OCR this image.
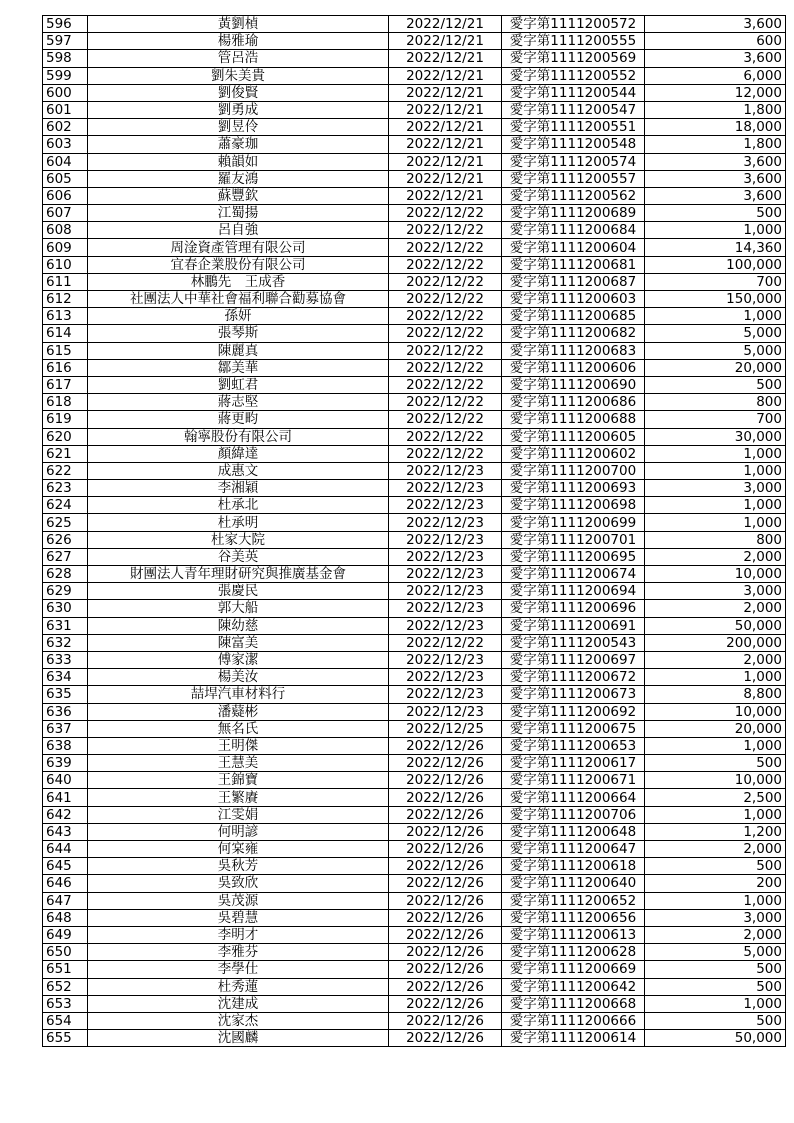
596	黃劉楨	2022/12/21	愛字第1111200572	3,600
597	楊雅瑜	2022/12/21	愛字第1111200555	600
598	管呂浩	2022/12/21	愛字第1111200569	3,600
599	劉朱美貴	2022/12/21	愛字第1111200552	6,000
600	劉俊賢	2022/12/21	愛字第1111200544	12,000
601	劉勇成	2022/12/21	愛字第1111200547	1,800
602	劉昱伶	2022/12/21	愛字第1111200551	18,000
603	蕭豪珈	2022/12/21	愛字第1111200548	1,800
604	賴韻如	2022/12/21	愛字第1111200574	3,600
605	羅友鴻	2022/12/21	愛字第1111200557	3,600
606	蘇豐欽	2022/12/21	愛字第1111200562	3,600
607	江蜀揚	2022/12/22	愛字第1111200689	500
608	呂自強	2022/12/22	愛字第1111200684	1,000
609	周淦資產管理有限公司	2022/12/22	愛字第1111200604	14,360
610	宜春企業股份有限公司	2022/12/22	愛字第1111200681	100,000
611	林鵬先　王成香	2022/12/22	愛字第1111200687	700
612	社團法人中華社會福利聯合勸募協會	2022/12/22	愛字第1111200603	150,000
613	孫妍	2022/12/22	愛字第1111200685	1,000
614	張琴斯	2022/12/22	愛字第1111200682	5,000
615	陳麗真	2022/12/22	愛字第1111200683	5,000
616	鄒美華	2022/12/22	愛字第1111200606	20,000
617	劉虹君	2022/12/22	愛字第1111200690	500
618	蔣志堅	2022/12/22	愛字第1111200686	800
619	蔣更畇	2022/12/22	愛字第1111200688	700
620	翰寧股份有限公司	2022/12/22	愛字第1111200605	30,000
621	顏緯達	2022/12/22	愛字第1111200602	1,000
622	成惠文	2022/12/23	愛字第1111200700	1,000
623	李湘穎	2022/12/23	愛字第1111200693	3,000
624	杜承北	2022/12/23	愛字第1111200698	1,000
625	杜承明	2022/12/23	愛字第1111200699	1,000
626	杜家大院	2022/12/23	愛字第1111200701	800
627	谷美英	2022/12/23	愛字第1111200695	2,000
628	財團法人青年理財研究與推廣基金會	2022/12/23	愛字第1111200674	10,000
629	張慶民	2022/12/23	愛字第1111200694	3,000
630	郭大船	2022/12/23	愛字第1111200696	2,000
631	陳幼慈	2022/12/23	愛字第1111200691	50,000
632	陳富美	2022/12/22	愛字第1111200543	200,000
633	傅家潔	2022/12/23	愛字第1111200697	2,000
634	楊美汝	2022/12/23	愛字第1111200672	1,000
635	喆垾汽車材料行	2022/12/23	愛字第1111200673	8,800
636	潘薿彬	2022/12/23	愛字第1111200692	10,000
637	無名氏	2022/12/25	愛字第1111200675	20,000
638	王明傑	2022/12/26	愛字第1111200653	1,000
639	王慧美	2022/12/26	愛字第1111200617	500
640	王錦寶	2022/12/26	愛字第1111200671	10,000
641	王繁賡	2022/12/26	愛字第1111200664	2,500
642	江雯娟	2022/12/26	愛字第1111200706	1,000
643	何明諺	2022/12/26	愛字第1111200648	1,200
644	何宲雍	2022/12/26	愛字第1111200647	2,000
645	吳秋芳	2022/12/26	愛字第1111200618	500
646	吳致欣	2022/12/26	愛字第1111200640	200
647	吳茂源	2022/12/26	愛字第1111200652	1,000
648	吳碧慧	2022/12/26	愛字第1111200656	3,000
649	李明才	2022/12/26	愛字第1111200613	2,000
650	李雅芬	2022/12/26	愛字第1111200628	5,000
651	李學仕	2022/12/26	愛字第1111200669	500
652	杜秀蓮	2022/12/26	愛字第1111200642	500
653	沈建成	2022/12/26	愛字第1111200668	1,000
654	沈家杰	2022/12/26	愛字第1111200666	500
655	沈國麟	2022/12/26	愛字第1111200614	50,000
